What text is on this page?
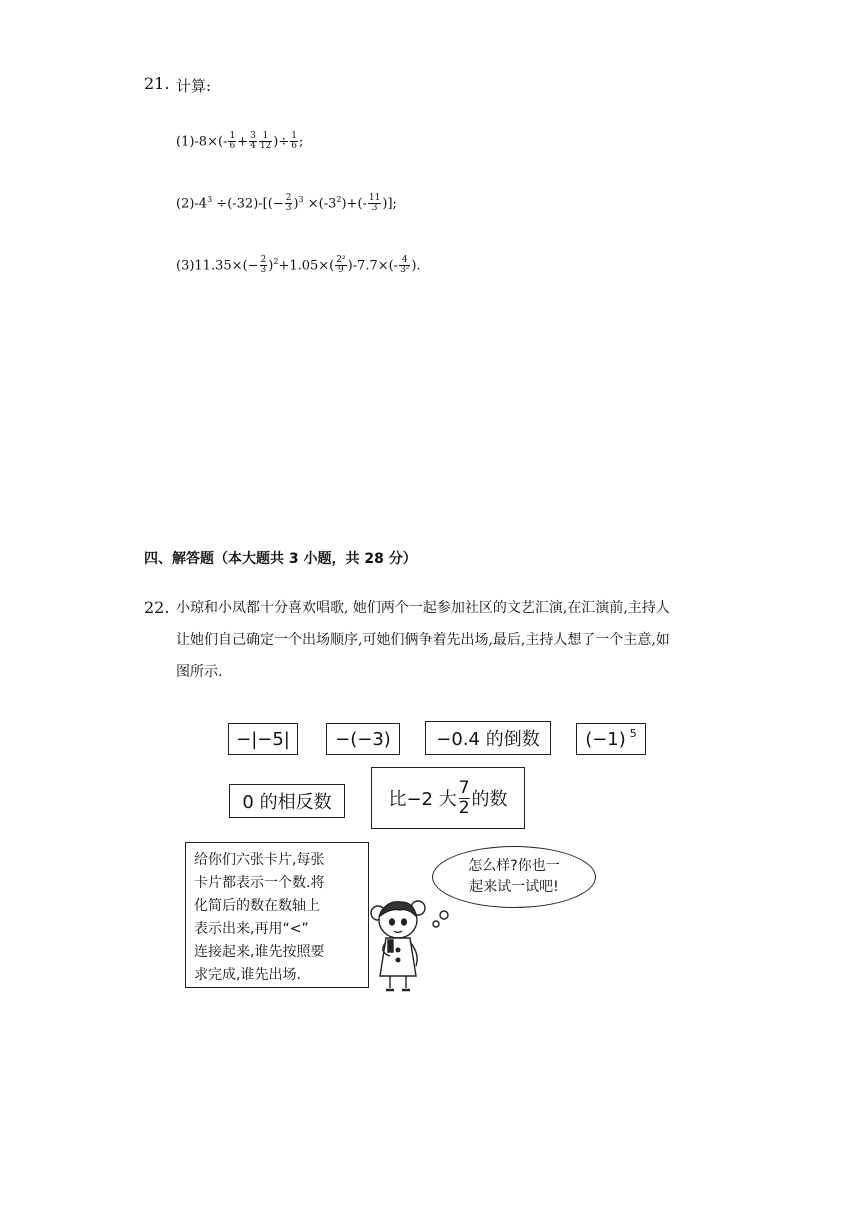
21. 计算:
$(1)-8\times(- \frac{1}{6} + \frac{3}{4} \frac{1}{12}$ )÷ $\frac{1}{6}$ ;
$(2)-4^3 \div(-32)-[(- \frac{2}{3} )^3 \times(-3^2)+(- \frac{11}{3}$ )];
$(3)11.35\times(- \frac{2}{3} )^2+1.05\times( \frac{\text{2²}}{9} )-7.7\times(- \frac{4}{\text{3²}}$ ).
四、解答题（本大题共 3 小题，共 28 分）
22. 小琼和小凤都十分喜欢唱歌, 她们两个一起参加社区的文艺汇演,在汇演前,主持人
让她们自己确定一个出场顺序,可她们俩争着先出场,最后,主持人想了一个主意,如
图所示.
−|−5|	−(−3)	−0.4 的倒数	(−1) $^5$
0 的相反数	比−2 大 $\frac{7}{2}$ 的数
给你们六张卡片,每张
卡片都表示一个数.将
化简后的数在数轴上
表示出来,再用“<”
连接起来,谁先按照要
求完成,谁先出场.
怎么样?你也一
起来试一试吧!
